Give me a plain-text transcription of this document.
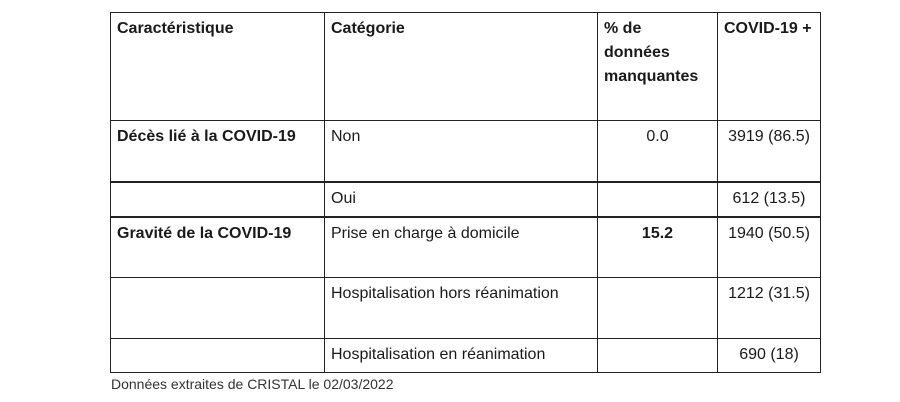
Caractéristique	Catégorie	% de données manquantes	COVID-19 +
Décès lié à la COVID-19	Non	0.0	3919 (86.5)
	Oui		612 (13.5)
Gravité de la COVID-19	Prise en charge à domicile	15.2	1940 (50.5)
	Hospitalisation hors réanimation		1212 (31.5)
	Hospitalisation en réanimation		690 (18)
Données extraites de CRISTAL le 02/03/2022
